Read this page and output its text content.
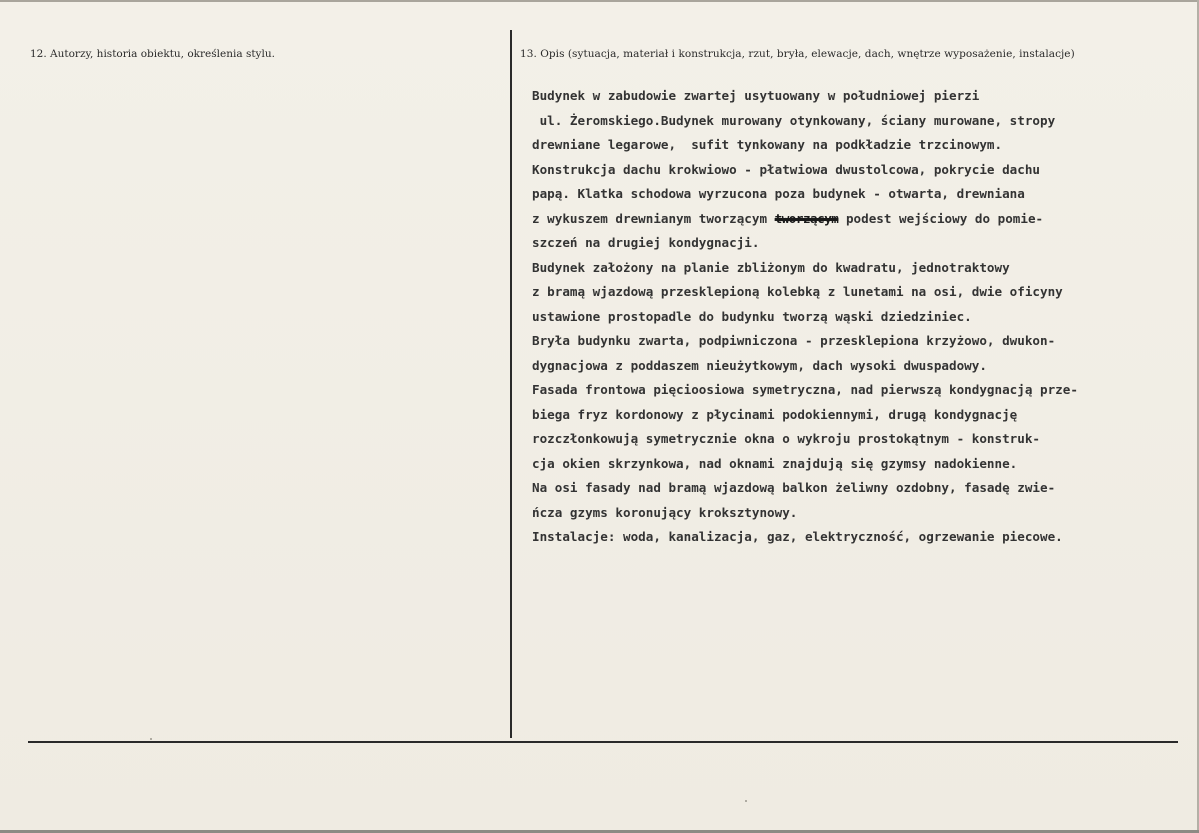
12. Autorzy, historia obiektu, określenia stylu.	13. Opis (sytuacja, materiał i konstrukcja, rzut, bryła, elewacje, dach, wnętrze wyposażenie, instalacje)
Budynek w zabudowie zwartej usytuowany w południowej pierzi
ul. Żeromskiego.Budynek murowany otynkowany, ściany murowane, stropy
drewniane legarowe,  sufit tynkowany na podkładzie trzcinowym.
Konstrukcja dachu krokwiowo - płatwiowa dwustolcowa, pokrycie dachu
papą. Klatka schodowa wyrzucona poza budynek - otwarta, drewniana
z wykuszem drewnianym tworzącym tworzącym podest wejściowy do pomie-
szczeń na drugiej kondygnacji.
Budynek założony na planie zbliżonym do kwadratu, jednotraktowy
z bramą wjazdową przesklepioną kolebką z lunetami na osi, dwie oficyny
ustawione prostopadle do budynku tworzą wąski dziedziniec.
Bryła budynku zwarta, podpiwniczona - przesklepiona krzyżowo, dwukon-
dygnacjowa z poddaszem nieużytkowym, dach wysoki dwuspadowy.
Fasada frontowa pięcioosiowa symetryczna, nad pierwszą kondygnacją prze-
biega fryz kordonowy z płycinami podokiennymi, drugą kondygnację
rozczłonkowują symetrycznie okna o wykroju prostokątnym - konstruk-
cja okien skrzynkowa, nad oknami znajdują się gzymsy nadokienne.
Na osi fasady nad bramą wjazdową balkon żeliwny ozdobny, fasadę zwie-
ńcza gzyms koronujący krokszty​nowy.
Instalacje: woda, kanalizacja, gaz, elektryczność, ogrzewanie piecowe.
